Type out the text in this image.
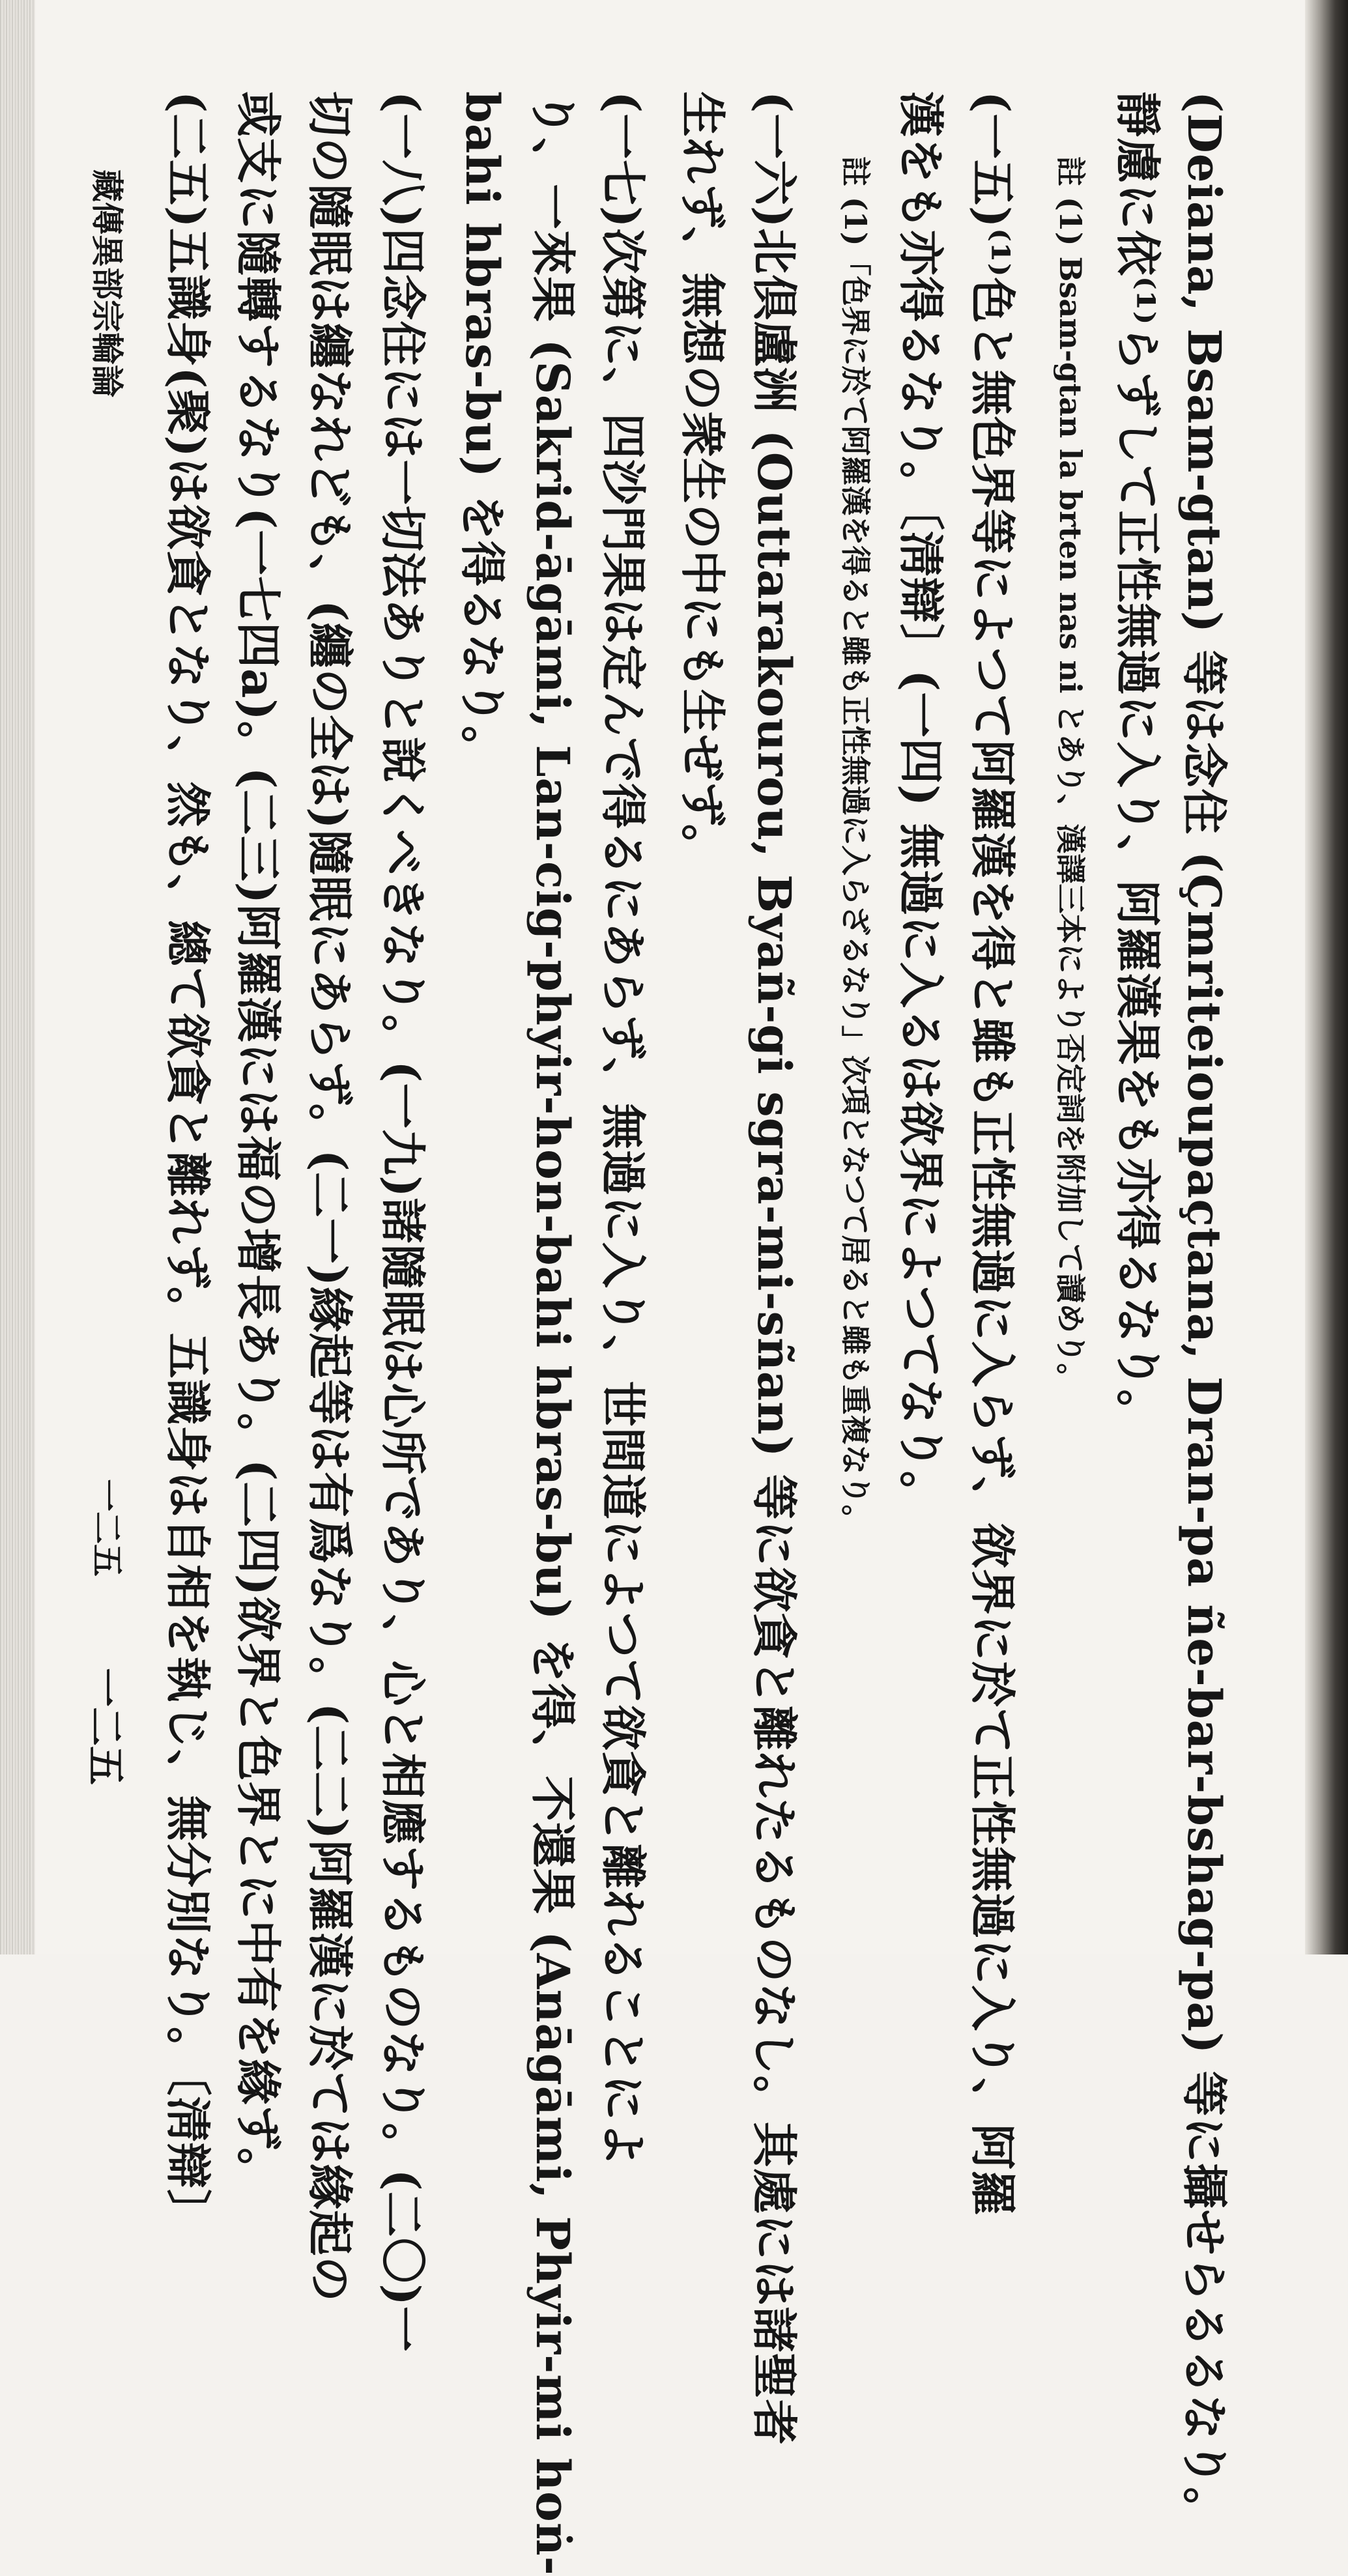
(Deiana, Bsam-gtan) 等は念住 (Çmriteioupaçtana, Dran-pa ñe-bar-bshag-pa) 等に攝せらるるなり。
靜慮に依⁽¹⁾らずして正性無過に入り、阿羅漢果をも亦得るなり。
註 (1) Bsam-gtan la brten nas ni とあり、漢譯三本により否定詞を附加して讀めり。
(一五)⁽¹⁾色と無色界等によつて阿羅漢を得と雖も正性無過に入らず、欲界に於て正性無過に入り、阿羅
漢をも亦得るなり。〔淸辯〕(一四) 無過に入るは欲界によつてなり。
註 (1)「色界に於て阿羅漢を得ると雖も正性無過に入らざるなり」次項となつて居ると雖も重複なり。
(一六)北倶盧洲 (Outtarakourou, Byañ-gi sgra-mi-sñan) 等に欲貪と離れたるものなし。其處には諸聖者
生れず、無想の衆生の中にも生ぜず。
(一七)次第に、四沙門果は定んで得るにあらず、無過に入り、世間道によつて欲貪と離れることによ
り、一來果 (Sakrid-āgāmi, Lan-cig-phyir-hon-bahi hbras-bu) を得、不還果 (Anāgāmi, Phyir-mi hoṅ-
bahi hbras-bu) を得るなり。
(一八)四念住には一切法ありと說くべきなり。(一九)諸隨眠は心所であり、心と相應するものなり。(二〇)一
切の隨眠は纏なれども、(纏の全は)隨眠にあらず。(二一)緣起等は有爲なり。(二二)阿羅漢に於ては緣起の
或支に隨轉するなり(一七四a)。(二三)阿羅漢には福の增長あり。(二四)欲界と色界とに中有を緣ず。
(二五)五識身(聚)は欲貪となり、然も、總て欲貪と離れず。五識身は自相を執じ、無分別なり。〔淸辯〕
藏傳異部宗輪論
一二五
一二五
